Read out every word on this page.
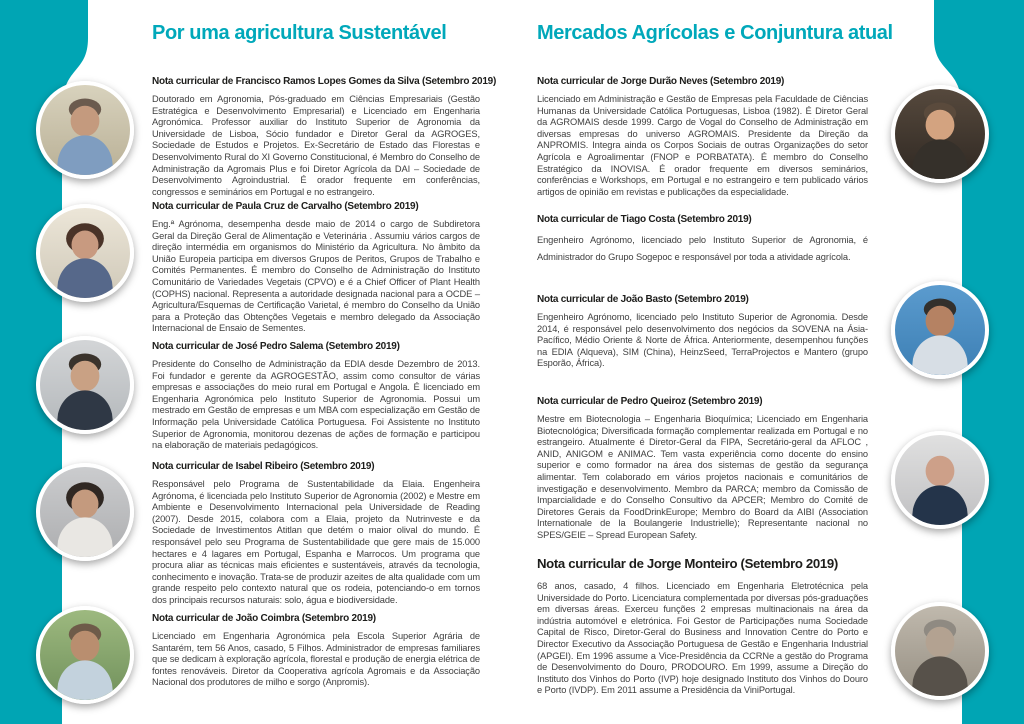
Por uma agricultura Sustentável
Nota curricular de Francisco Ramos Lopes Gomes da Silva (Setembro 2019)

Doutorado em Agronomia, Pós-graduado em Ciências Empresariais (Gestão Estratégica e Desenvolvimento Empresarial) e Licenciado em Engenharia Agronómica. Professor auxiliar do Instituto Superior de Agronomia da Universidade de Lisboa, Sócio fundador e Diretor Geral da AGROGES, Sociedade de Estudos e Projetos. Ex-Secretário de Estado das Florestas e Desenvolvimento Rural do XI Governo Constitucional, é Membro do Conselho de Administração da Agromais Plus e foi Diretor Agrícola da DAI – Sociedade de Desenvolvimento Agroindustrial. É orador frequente em conferências, congressos e seminários em Portugal e no estrangeiro.

Nota curricular de Paula Cruz de Carvalho (Setembro 2019)

Eng.ª Agrónoma, desempenha desde maio de 2014 o cargo de Subdiretora Geral da Direção Geral de Alimentação e Veterinária . Assumiu vários cargos de direção intermédia em organismos do Ministério da Agricultura. No âmbito da União Europeia participa em diversos Grupos de Peritos, Grupos de Trabalho e Comités Permanentes. É membro do Conselho de Administração do Instituto Comunitário de Variedades Vegetais (CPVO) e é a Chief Officer of Plant Health (COPHS) nacional. Representa a autoridade designada nacional para a OCDE – Agricultura/Esquemas de Certificação Varietal, é membro do Conselho da União para a Proteção das Obtenções Vegetais e membro delegado da Associação Internacional de Ensaio de Sementes.

Nota curricular de José Pedro Salema (Setembro 2019)

Presidente do Conselho de Administração da EDIA desde Dezembro de 2013. Foi fundador e gerente da AGROGESTÃO, assim como consultor de várias empresas e associações do meio rural em Portugal e Angola. É licenciado em Engenharia Agronómica pelo Instituto Superior de Agronomia. Possui um mestrado em Gestão de empresas e um MBA com especialização em Gestão de Informação pela Universidade Católica Portuguesa. Foi Assistente no Instituto Superior de Agronomia, monitorou dezenas de ações de formação e participou na elaboração de materiais pedagógicos.

Nota curricular de Isabel Ribeiro (Setembro 2019)

Responsável pelo Programa de Sustentabilidade da Elaia. Engenheira Agrónoma, é licenciada pelo Instituto Superior de Agronomia (2002) e Mestre em Ambiente e Desenvolvimento Internacional pela Universidade de Reading (2007). Desde 2015, colabora com a Elaia, projeto da Nutrinveste e da Sociedade de Investimentos Atitlan que detém o maior olival do mundo. É responsável pelo seu Programa de Sustentabilidade que gere mais de 15.000 hectares e 4 lagares em Portugal, Espanha e Marrocos. Um programa que procura aliar as técnicas mais eficientes e sustentáveis, através da tecnologia, conhecimento e inovação. Trata-se de produzir azeites de alta qualidade com um grande respeito pelo contexto natural que os rodeia, potenciando-o em tornos dos principais recursos naturais: solo, água e biodiversidade.

Nota curricular de João Coimbra (Setembro 2019)

Licenciado em Engenharia Agronómica pela Escola Superior Agrária de Santarém, tem 56 Anos, casado, 5 Filhos. Administrador de empresas familiares que se dedicam à exploração agrícola, florestal e produção de energia elétrica de fontes renováveis. Diretor da Cooperativa agrícola Agromais e da Associação Nacional dos produtores de milho e sorgo (Anpromis).

Mercados Agrícolas e Conjuntura atual
Nota curricular de Jorge Durão Neves (Setembro 2019)

Licenciado em Administração e Gestão de Empresas pela Faculdade de Ciências Humanas da Universidade Católica Portuguesas, Lisboa (1982). É Diretor Geral da AGROMAIS desde 1999. Cargo de Vogal do Conselho de Administração em diversas empresas do universo AGROMAIS. Presidente da Direção da ANPROMIS. Integra ainda os Corpos Sociais de outras Organizações do setor Agrícola e Agroalimentar (FNOP e PORBATATA). É membro do Conselho Estratégico da INOVISA. É orador frequente em diversos seminários, conferências e Workshops, em Portugal e no estrangeiro e tem publicado vários artigos de opinião em revistas e publicações da especialidade.

Nota curricular de Tiago Costa (Setembro 2019)

Engenheiro Agrónomo, licenciado pelo Instituto Superior de Agronomia, é Administrador do Grupo Sogepoc e responsável por toda a atividade agrícola.

Nota curricular de João Basto (Setembro 2019)

Engenheiro Agrónomo, licenciado pelo Instituto Superior de Agronomia. Desde 2014, é responsável pelo desenvolvimento dos negócios da SOVENA na Ásia-Pacífico, Médio Oriente & Norte de África. Anteriormente, desempenhou funções na EDIA (Alqueva), SIM (China), HeinzSeed, TerraProjectos e Mantero (grupo Esporão, África).

Nota curricular de Pedro Queiroz (Setembro 2019)

Mestre em Biotecnologia – Engenharia Bioquímica; Licenciado em Engenharia Biotecnológica; Diversificada formação complementar realizada em Portugal e no estrangeiro. Atualmente é Diretor-Geral da FIPA, Secretário-geral da AFLOC , ANID, ANIGOM e ANIMAC. Tem vasta experiência como docente do ensino superior e como formador na área dos sistemas de gestão da segurança alimentar. Tem colaborado em vários projetos nacionais e comunitários de investigação e desenvolvimento. Membro da PARCA; membro da Comissão de Imparcialidade e do Conselho Consultivo da APCER; Membro do Comité de Diretores Gerais da FoodDrinkEurope; Membro do Board da AIBI (Association Internationale de la Boulangerie Industrielle); Representante nacional no SPES/GEIE – Spread European Safety.

Nota curricular de Jorge Monteiro (Setembro 2019)

68 anos, casado, 4 filhos. Licenciado em Engenharia Eletrotécnica pela Universidade do Porto. Licenciatura complementada por diversas pós-graduações em diversas áreas. Exerceu funções 2 empresas multinacionais na área da indústria automóvel e eletrónica. Foi Gestor de Participações numa Sociedade Capital de Risco, Diretor-Geral do Business and Innovation Centre do Porto e Director Executivo da Associação Portuguesa de Gestão e Engenharia Industrial (APGEI). Em 1996 assume a Vice-Presidência da CCRNe a gestão do Programa de Desenvolvimento do Douro, PRODOURO. Em 1999, assume a Direção do Instituto dos Vinhos do Porto (IVP) hoje designado Instituto dos Vinhos do Douro e Porto (IVDP). Em 2011 assume a Presidência da ViniPortugal.
